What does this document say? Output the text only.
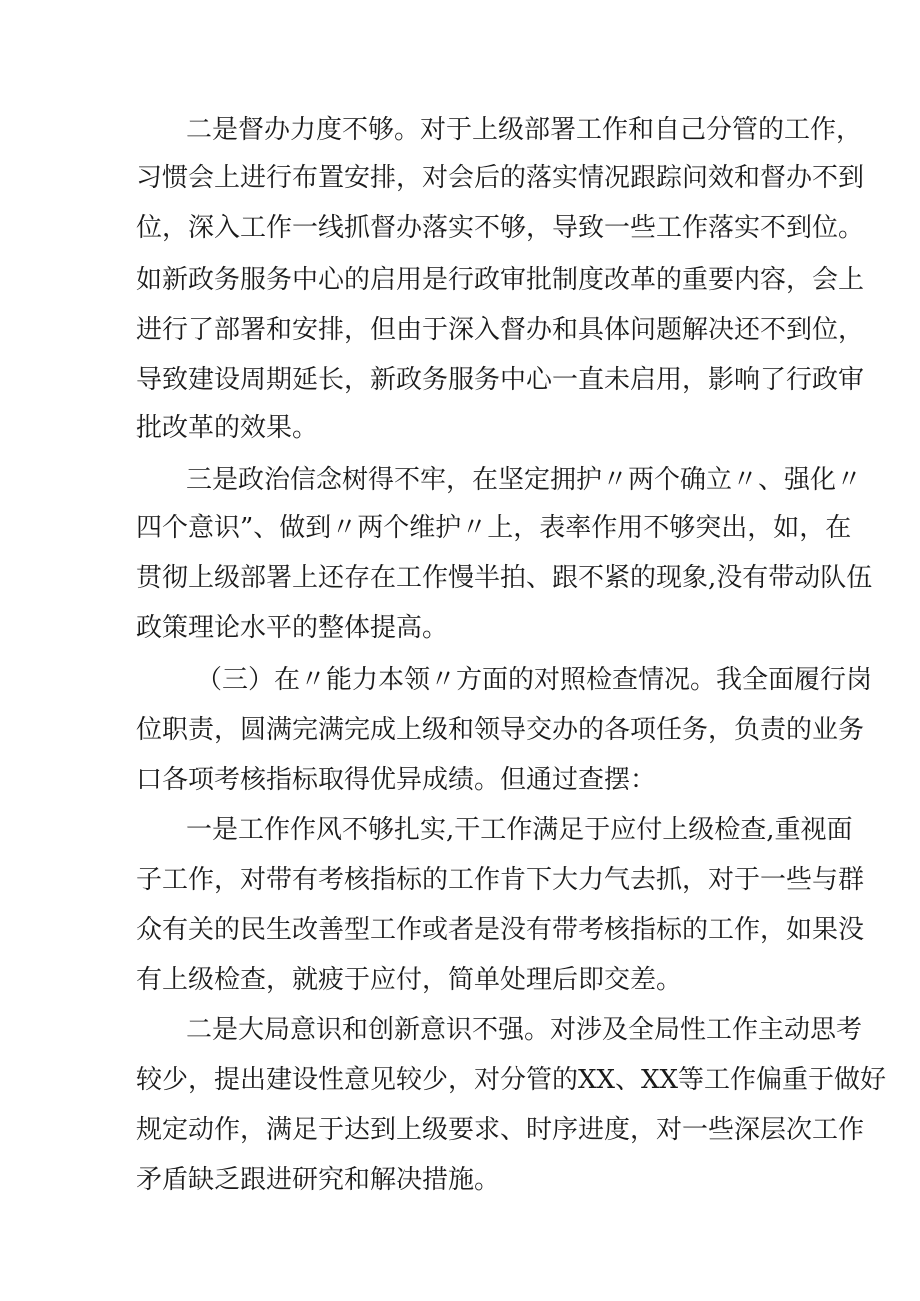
二是督办力度不够。对于上级部署工作和自己分管的工作，
习惯会上进行布置安排，对会后的落实情况跟踪问效和督办不到
位，深入工作一线抓督办落实不够，导致一些工作落实不到位。
如新政务服务中心的启用是行政审批制度改革的重要内容，会上
进行了部署和安排，但由于深入督办和具体问题解决还不到位，
导致建设周期延长，新政务服务中心一直未启用，影响了行政审
批改革的效果。
三是政治信念树得不牢，在坚定拥护〃两个确立〃、强化〃
四个意识”、做到〃两个维护〃上，表率作用不够突出，如，在
贯彻上级部署上还存在工作慢半拍、跟不紧的现象,没有带动队伍
政策理论水平的整体提高。
（三）在〃能力本领〃方面的对照检查情况。我全面履行岗
位职责，圆满完满完成上级和领导交办的各项任务，负责的业务
口各项考核指标取得优异成绩。但通过查摆：
一是工作作风不够扎实,干工作满足于应付上级检查,重视面
子工作，对带有考核指标的工作肯下大力气去抓，对于一些与群
众有关的民生改善型工作或者是没有带考核指标的工作，如果没
有上级检查，就疲于应付，简单处理后即交差。
二是大局意识和创新意识不强。对涉及全局性工作主动思考
较少，提出建设性意见较少，对分管的XX、XX等工作偏重于做好
规定动作，满足于达到上级要求、时序进度，对一些深层次工作
矛盾缺乏跟进研究和解决措施。
